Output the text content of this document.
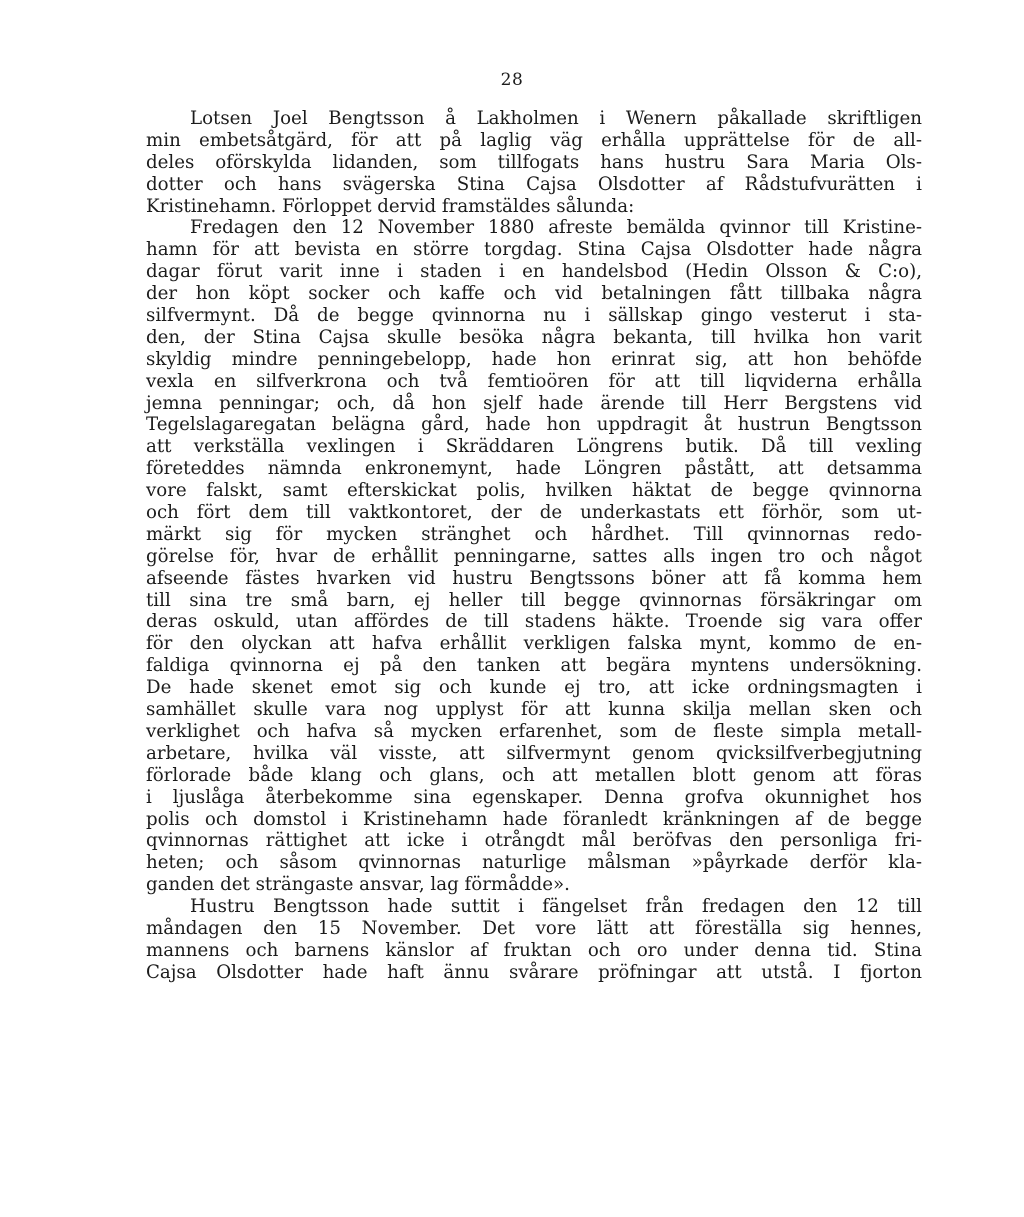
28
Lotsen Joel Bengtsson å Lakholmen i Wenern påkallade skriftligen
min embetsåtgärd, för att på laglig väg erhålla upprättelse för de all-
deles oförskylda lidanden, som tillfogats hans hustru Sara Maria Ols-
dotter och hans svägerska Stina Cajsa Olsdotter af Rådstufvurätten i
Kristinehamn. Förloppet dervid framstäldes sålunda:
Fredagen den 12 November 1880 afreste bemälda qvinnor till Kristine-
hamn för att bevista en större torgdag. Stina Cajsa Olsdotter hade några
dagar förut varit inne i staden i en handelsbod (Hedin Olsson & C:o),
der hon köpt socker och kaffe och vid betalningen fått tillbaka några
silfvermynt. Då de begge qvinnorna nu i sällskap gingo vesterut i sta-
den, der Stina Cajsa skulle besöka några bekanta, till hvilka hon varit
skyldig mindre penningebelopp, hade hon erinrat sig, att hon behöfde
vexla en silfverkrona och två femtioören för att till liqviderna erhålla
jemna penningar; och, då hon sjelf hade ärende till Herr Bergstens vid
Tegelslagaregatan belägna gård, hade hon uppdragit åt hustrun Bengtsson
att verkställa vexlingen i Skräddaren Löngrens butik. Då till vexling
företeddes nämnda enkronemynt, hade Löngren påstått, att detsamma
vore falskt, samt efterskickat polis, hvilken häktat de begge qvinnorna
och fört dem till vaktkontoret, der de underkastats ett förhör, som ut-
märkt sig för mycken stränghet och hårdhet. Till qvinnornas redo-
görelse för, hvar de erhållit penningarne, sattes alls ingen tro och något
afseende fästes hvarken vid hustru Bengtssons böner att få komma hem
till sina tre små barn, ej heller till begge qvinnornas försäkringar om
deras oskuld, utan affördes de till stadens häkte. Troende sig vara offer
för den olyckan att hafva erhållit verkligen falska mynt, kommo de en-
faldiga qvinnorna ej på den tanken att begära myntens undersökning.
De hade skenet emot sig och kunde ej tro, att icke ordningsmagten i
samhället skulle vara nog upplyst för att kunna skilja mellan sken och
verklighet och hafva så mycken erfarenhet, som de fleste simpla metall-
arbetare, hvilka väl visste, att silfvermynt genom qvicksilfverbegjutning
förlorade både klang och glans, och att metallen blott genom att föras
i ljuslåga återbekomme sina egenskaper. Denna grofva okunnighet hos
polis och domstol i Kristinehamn hade föranledt kränkningen af de begge
qvinnornas rättighet att icke i otrångdt mål beröfvas den personliga fri-
heten; och såsom qvinnornas naturlige målsman »påyrkade derför kla-
ganden det strängaste ansvar, lag förmådde».
Hustru Bengtsson hade suttit i fängelset från fredagen den 12 till
måndagen den 15 November. Det vore lätt att föreställa sig hennes,
mannens och barnens känslor af fruktan och oro under denna tid. Stina
Cajsa Olsdotter hade haft ännu svårare pröfningar att utstå. I fjorton
